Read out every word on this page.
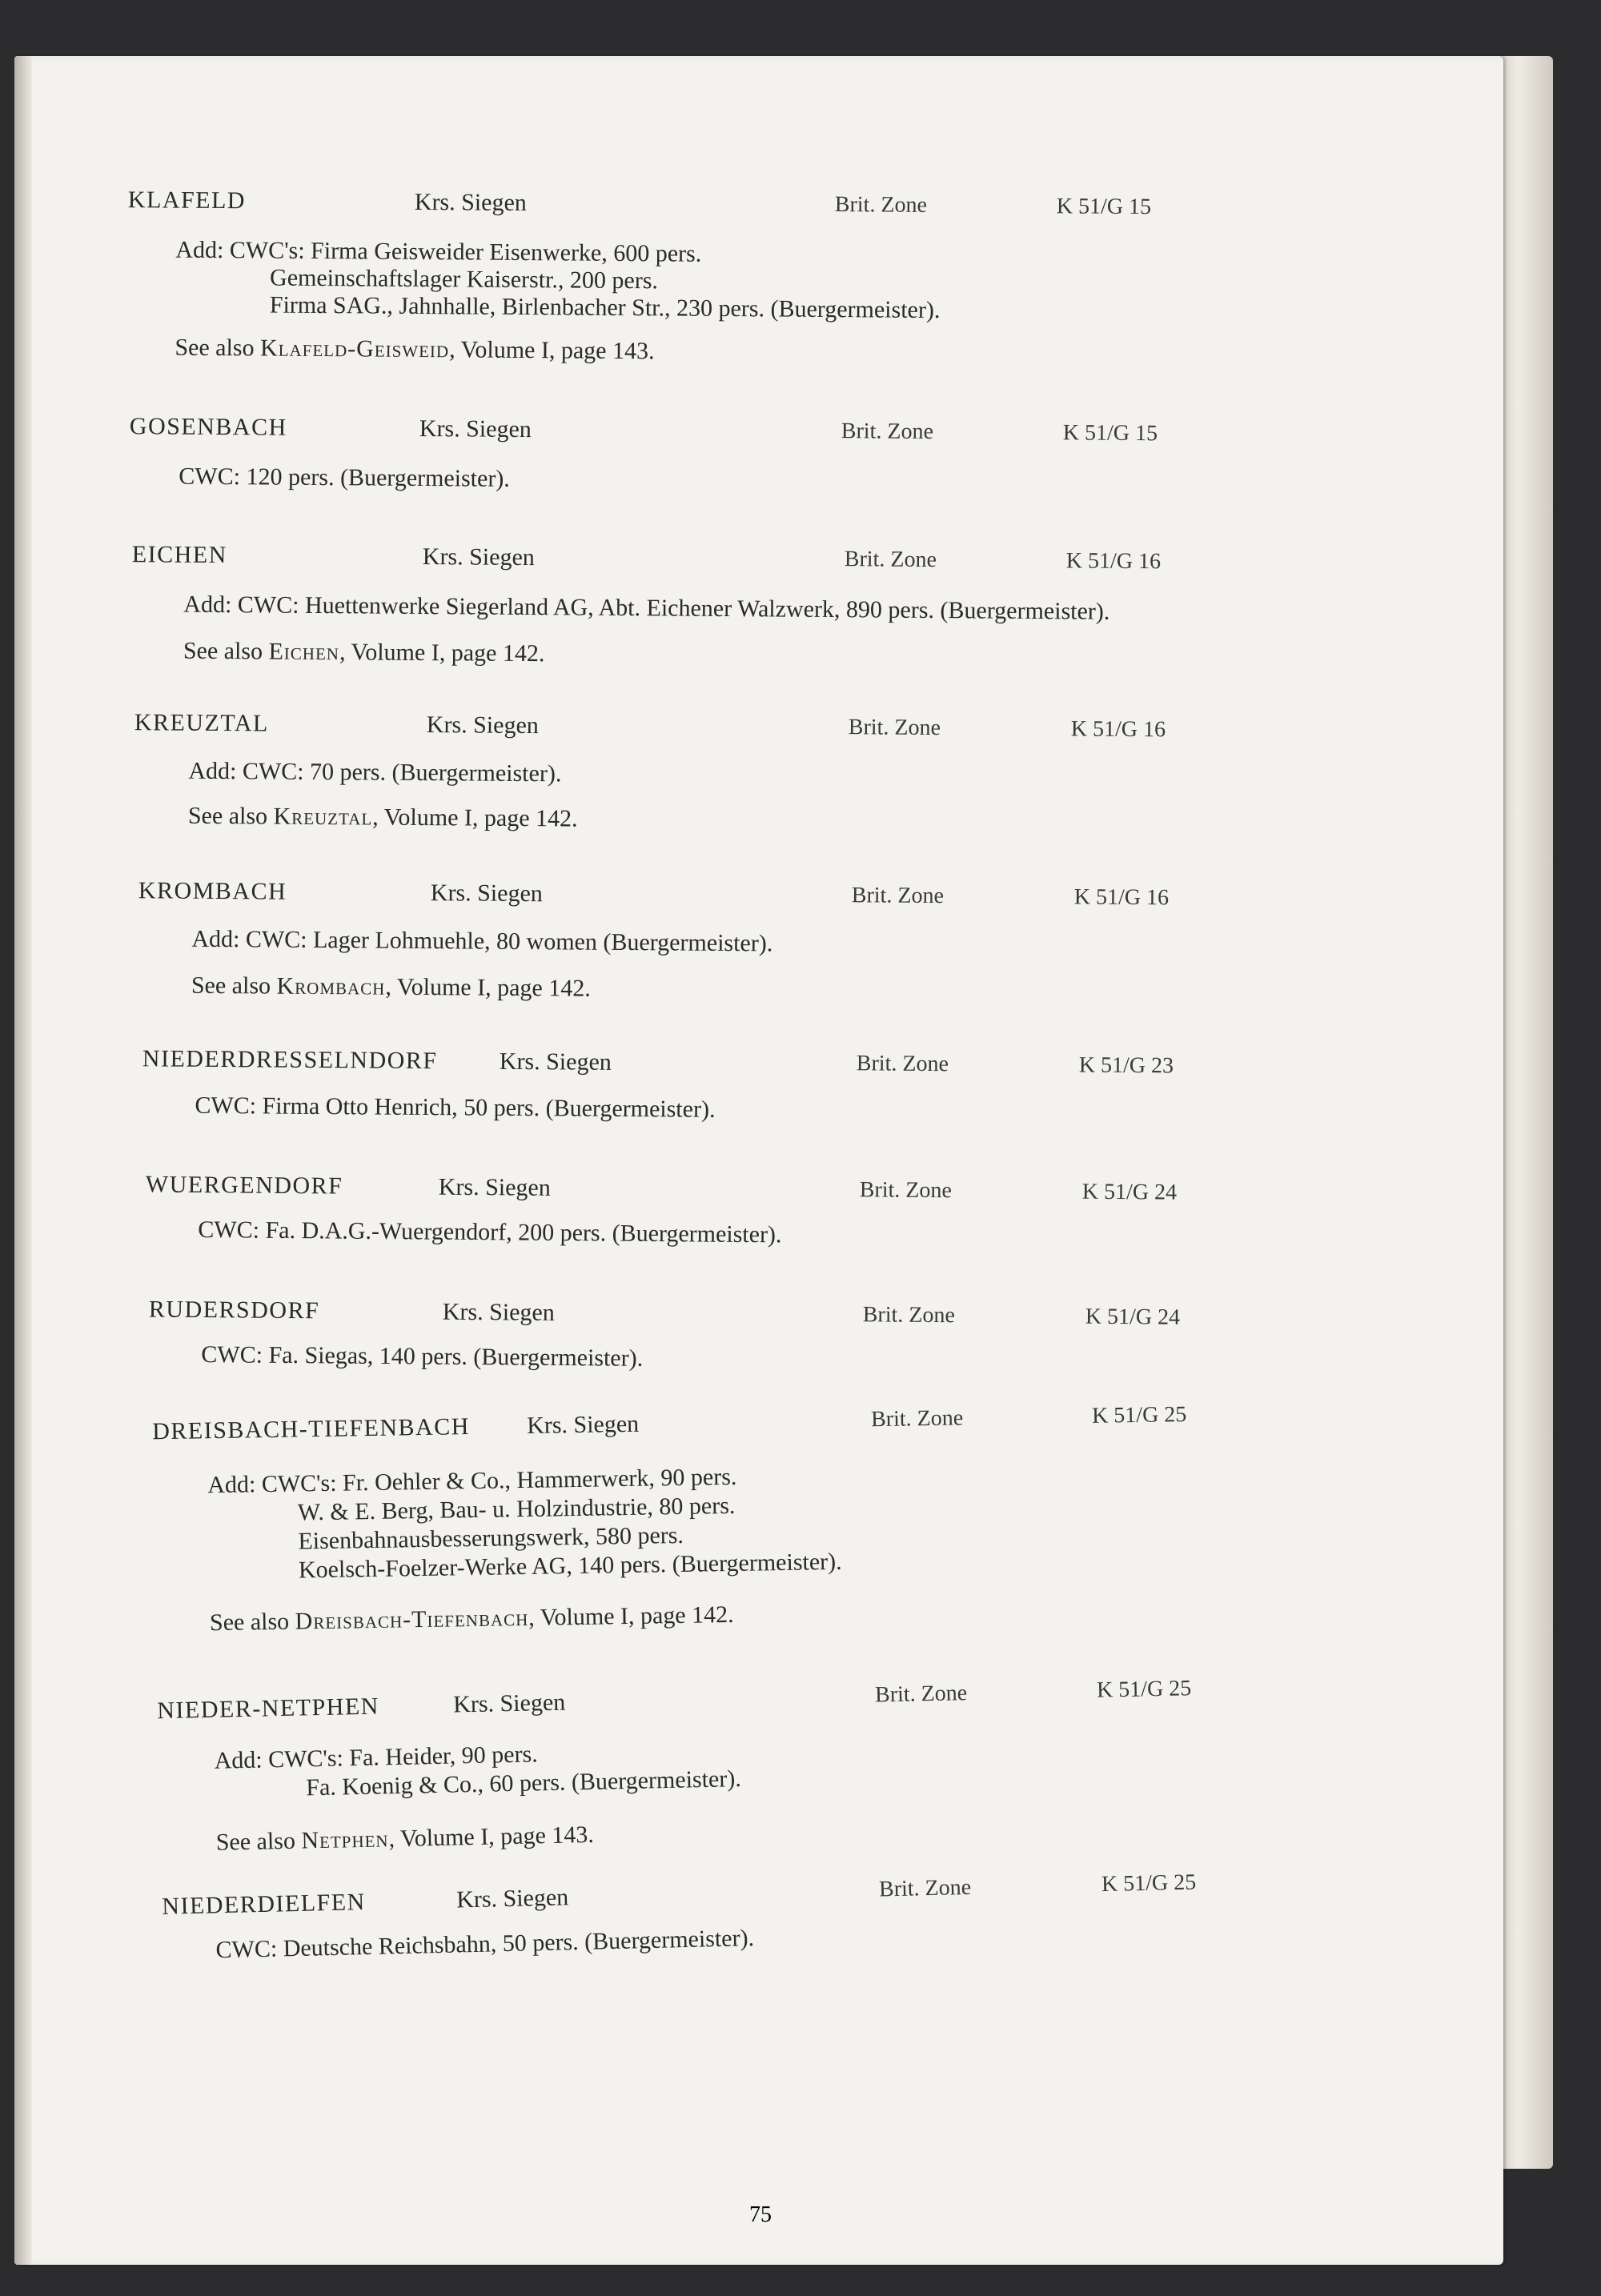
KLAFELD	Krs. Siegen	Brit. Zone	K 51/G 15
Add: CWC's: Firma Geisweider Eisenwerke, 600 pers.
Gemeinschaftslager Kaiserstr., 200 pers.
Firma SAG., Jahnhalle, Birlenbacher Str., 230 pers. (Buergermeister).
See also Klafeld-Geisweid, Volume I, page 143.
GOSENBACH	Krs. Siegen	Brit. Zone	K 51/G 15
CWC: 120 pers. (Buergermeister).
EICHEN	Krs. Siegen	Brit. Zone	K 51/G 16
Add: CWC: Huettenwerke Siegerland AG, Abt. Eichener Walzwerk, 890 pers. (Buergermeister).
See also Eichen, Volume I, page 142.
KREUZTAL	Krs. Siegen	Brit. Zone	K 51/G 16
Add: CWC: 70 pers. (Buergermeister).
See also Kreuztal, Volume I, page 142.
KROMBACH	Krs. Siegen	Brit. Zone	K 51/G 16
Add: CWC: Lager Lohmuehle, 80 women (Buergermeister).
See also Krombach, Volume I, page 142.
NIEDERDRESSELNDORF	Krs. Siegen	Brit. Zone	K 51/G 23
CWC: Firma Otto Henrich, 50 pers. (Buergermeister).
WUERGENDORF	Krs. Siegen	Brit. Zone	K 51/G 24
CWC: Fa. D.A.G.-Wuergendorf, 200 pers. (Buergermeister).
RUDERSDORF	Krs. Siegen	Brit. Zone	K 51/G 24
CWC: Fa. Siegas, 140 pers. (Buergermeister).
DREISBACH-TIEFENBACH Krs. Siegen	Brit. Zone	K 51/G 25
Add: CWC's: Fr. Oehler & Co., Hammerwerk, 90 pers.
W. & E. Berg, Bau- u. Holzindustrie, 80 pers.
Eisenbahnausbesserungswerk, 580 pers.
Koelsch-Foelzer-Werke AG, 140 pers. (Buergermeister).
See also Dreisbach-Tiefenbach, Volume I, page 142.
NIEDER-NETPHEN	Krs. Siegen	Brit. Zone	K 51/G 25
Add: CWC's: Fa. Heider, 90 pers.
Fa. Koenig & Co., 60 pers. (Buergermeister).
See also Netphen, Volume I, page 143.
NIEDERDIELFEN	Krs. Siegen	Brit. Zone	K 51/G 25
CWC: Deutsche Reichsbahn, 50 pers. (Buergermeister).
75
